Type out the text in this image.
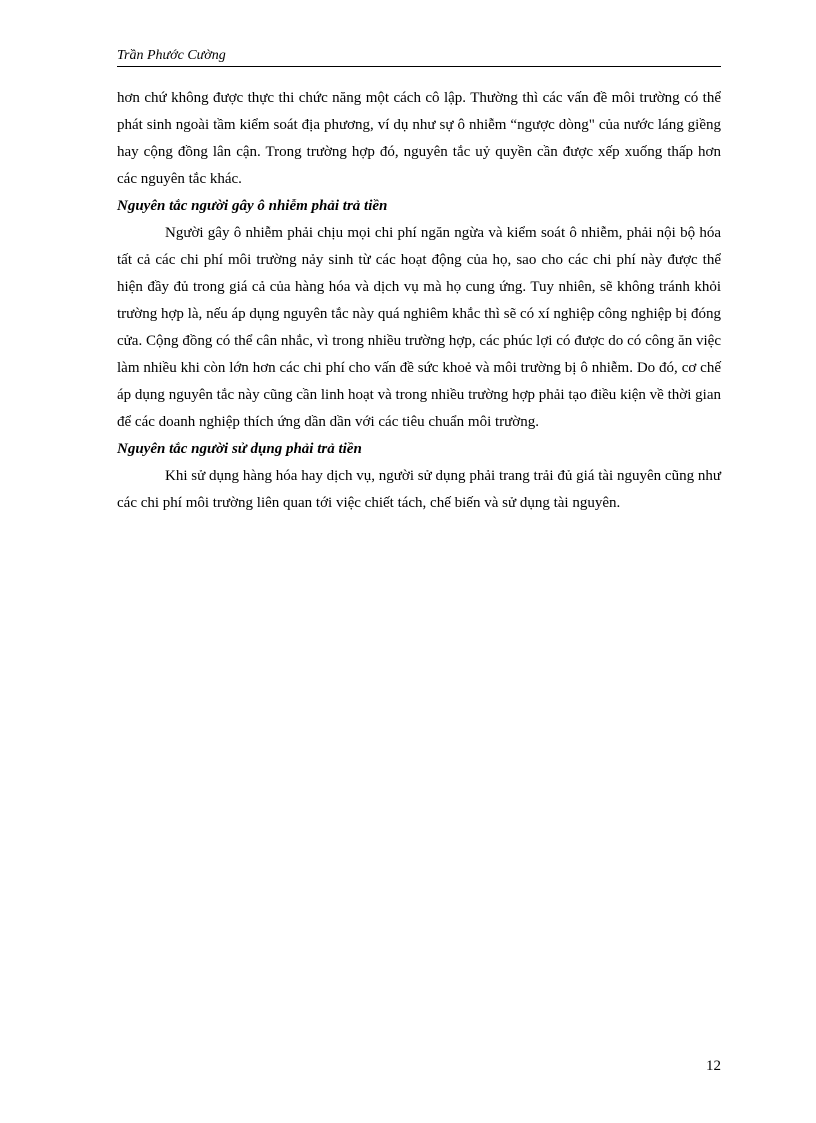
Trần Phước Cường

hơn chứ không được thực thi chức năng một cách cô lập. Thường thì các vấn đề môi trường có thể phát sinh ngoài tầm kiểm soát địa phương, ví dụ như sự ô nhiễm “ngược dòng" của nước láng giềng hay cộng đồng lân cận. Trong trường hợp đó, nguyên tắc uỷ quyền cần được xếp xuống thấp hơn các nguyên tắc khác.

Nguyên tắc người gây ô nhiễm phải trả tiền

Người gây ô nhiễm phải chịu mọi chi phí ngăn ngừa và kiểm soát ô nhiễm, phải nội bộ hóa tất cả các chi phí môi trường nảy sinh từ các hoạt động của họ, sao cho các chi phí này được thể hiện đầy đủ trong giá cả của hàng hóa và dịch vụ mà họ cung ứng. Tuy nhiên, sẽ không tránh khỏi trường hợp là, nếu áp dụng nguyên tắc này quá nghiêm khắc thì sẽ có xí nghiệp công nghiệp bị đóng cửa. Cộng đồng có thể cân nhắc, vì trong nhiều trường hợp, các phúc lợi có được do có công ăn việc làm nhiều khi còn lớn hơn các chi phí cho vấn đề sức khoẻ và môi trường bị ô nhiễm. Do đó, cơ chế áp dụng nguyên tắc này cũng cần linh hoạt và trong nhiều trường hợp phải tạo điều kiện về thời gian để các doanh nghiệp thích ứng dần dần với các tiêu chuẩn môi trường.

Nguyên tắc người sử dụng phải trả tiền

Khi sử dụng hàng hóa hay dịch vụ, người sử dụng phải trang trải đủ giá tài nguyên cũng như các chi phí môi trường liên quan tới việc chiết tách, chế biến và sử dụng tài nguyên.

12
